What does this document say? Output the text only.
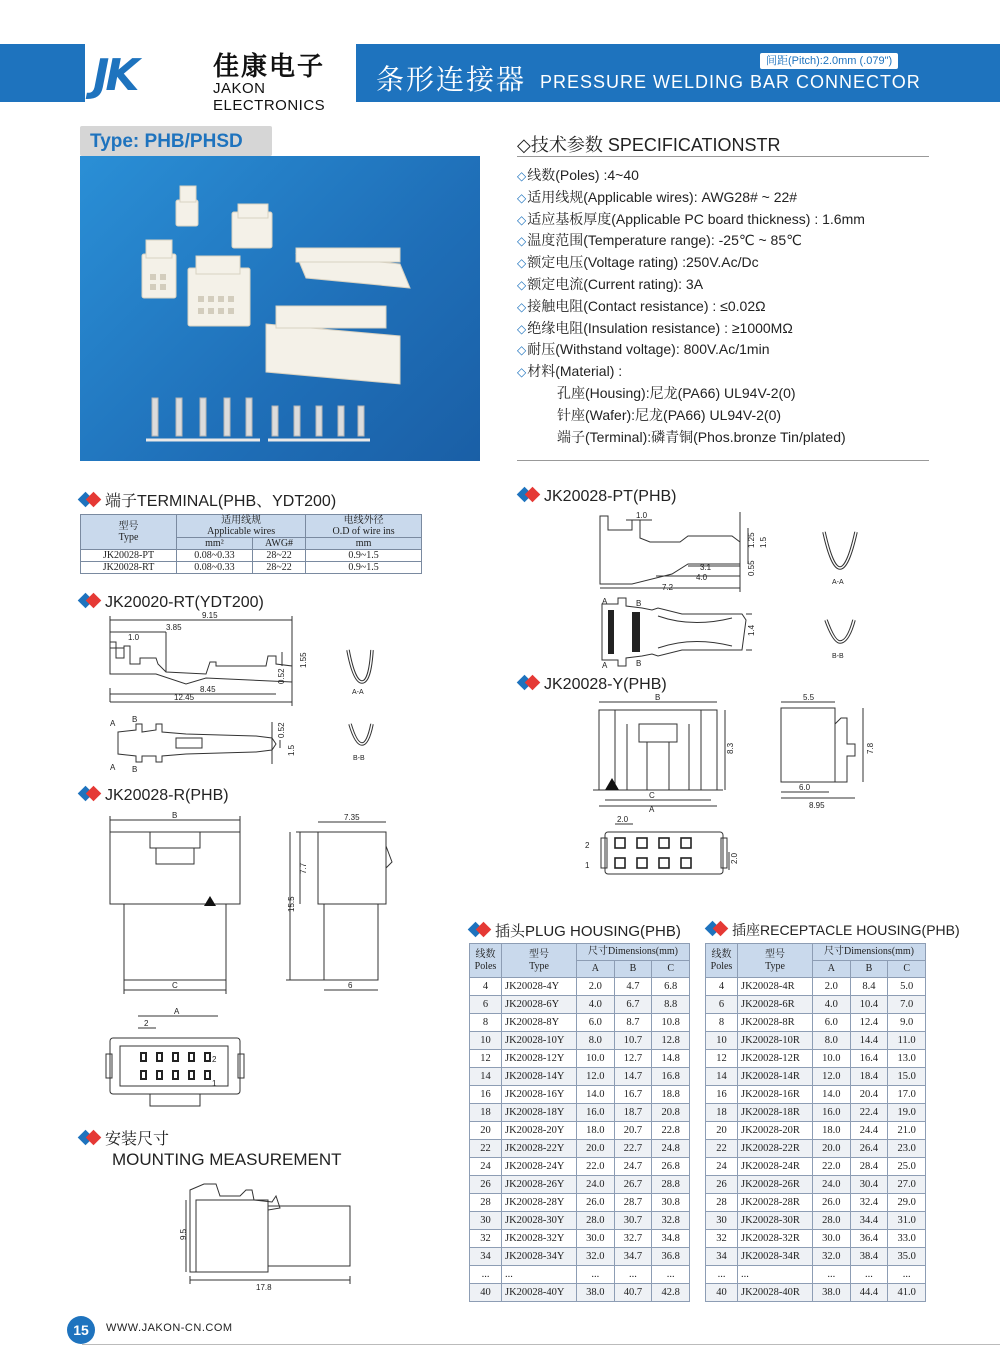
JK	佳康电子
JAKON ELECTRONICS
条形连接器 PRESSURE WELDING BAR CONNECTOR
间距(Pitch):2.0mm (.079")
Type: PHB/PHSD	◇技术参数 SPECIFICATIONSTR
◇线数(Poles) :4~40
◇适用线规(Applicable wires): AWG28# ~ 22#
◇适应基板厚度(Applicable PC board thickness) : 1.6mm
◇温度范围(Temperature range): -25℃ ~ 85℃
◇额定电压(Voltage rating) :250V.Ac/Dc
◇额定电流(Current rating): 3A
◇接触电阻(Contact resistance) : ≤0.02Ω
◇绝缘电阻(Insulation resistance) : ≥1000MΩ
◇耐压(Withstand voltage): 800V.Ac/1min
◇材料(Material) :
孔座(Housing):尼龙(PA66) UL94V-2(0)
针座(Wafer):尼龙(PA66) UL94V-2(0)
端子(Terminal):磷青铜(Phos.bronze Tin/plated)
端子TERMINAL(PHB、YDT200)
JK20020-RT(YDT200)
JK20028-R(PHB)
JK20028-PT(PHB)
JK20028-Y(PHB)
安装尺寸
MOUNTING MEASUREMENT
插头PLUG HOUSING(PHB)	插座RECEPTACLE HOUSING(PHB)
型号
Type	适用线规
Applicable wires		电线外径
O.D of wire ins
	mm²	AWG#	mm
JK20028-PT	0.08~0.33	28~22	0.9~1.5
JK20028-RT	0.08~0.33	28~22	0.9~1.5
9.15
3.85
1.0
8.45
12.45
1.55
0.52
0.52
1.5
A
A
B
B
A-A
B-B
B
C
7.35
7.7
15.5
6
A
2
2
1
1.0
1.25 1.5
3.1
4.0
7.2
0.55
1.4
A
A
B
B
A-A
B-B
B
C
A
8.3
5.5
7.8
6.0
8.95
2.0
2.0
2
1
9.5
17.8
线数
Poles	型号
Type	尺寸Dimensions(mm)		
		A	B	C
4	JK20028-4Y	2.0	4.7	6.8
6	JK20028-6Y	4.0	6.7	8.8
8	JK20028-8Y	6.0	8.7	10.8
10	JK20028-10Y	8.0	10.7	12.8
12	JK20028-12Y	10.0	12.7	14.8
14	JK20028-14Y	12.0	14.7	16.8
16	JK20028-16Y	14.0	16.7	18.8
18	JK20028-18Y	16.0	18.7	20.8
20	JK20028-20Y	18.0	20.7	22.8
22	JK20028-22Y	20.0	22.7	24.8
24	JK20028-24Y	22.0	24.7	26.8
26	JK20028-26Y	24.0	26.7	28.8
28	JK20028-28Y	26.0	28.7	30.8
30	JK20028-30Y	28.0	30.7	32.8
32	JK20028-32Y	30.0	32.7	34.8
34	JK20028-34Y	32.0	34.7	36.8
...	...	...	...	...
40	JK20028-40Y	38.0	40.7	42.8
线数
Poles	型号
Type	尺寸Dimensions(mm)		
		A	B	C
4	JK20028-4R	2.0	8.4	5.0
6	JK20028-6R	4.0	10.4	7.0
8	JK20028-8R	6.0	12.4	9.0
10	JK20028-10R	8.0	14.4	11.0
12	JK20028-12R	10.0	16.4	13.0
14	JK20028-14R	12.0	18.4	15.0
16	JK20028-16R	14.0	20.4	17.0
18	JK20028-18R	16.0	22.4	19.0
20	JK20028-20R	18.0	24.4	21.0
22	JK20028-22R	20.0	26.4	23.0
24	JK20028-24R	22.0	28.4	25.0
26	JK20028-26R	24.0	30.4	27.0
28	JK20028-28R	26.0	32.4	29.0
30	JK20028-30R	28.0	34.4	31.0
32	JK20028-32R	30.0	36.4	33.0
34	JK20028-34R	32.0	38.4	35.0
...	...	...	...	...
40	JK20028-40R	38.0	44.4	41.0
15	WWW.JAKON-CN.COM
